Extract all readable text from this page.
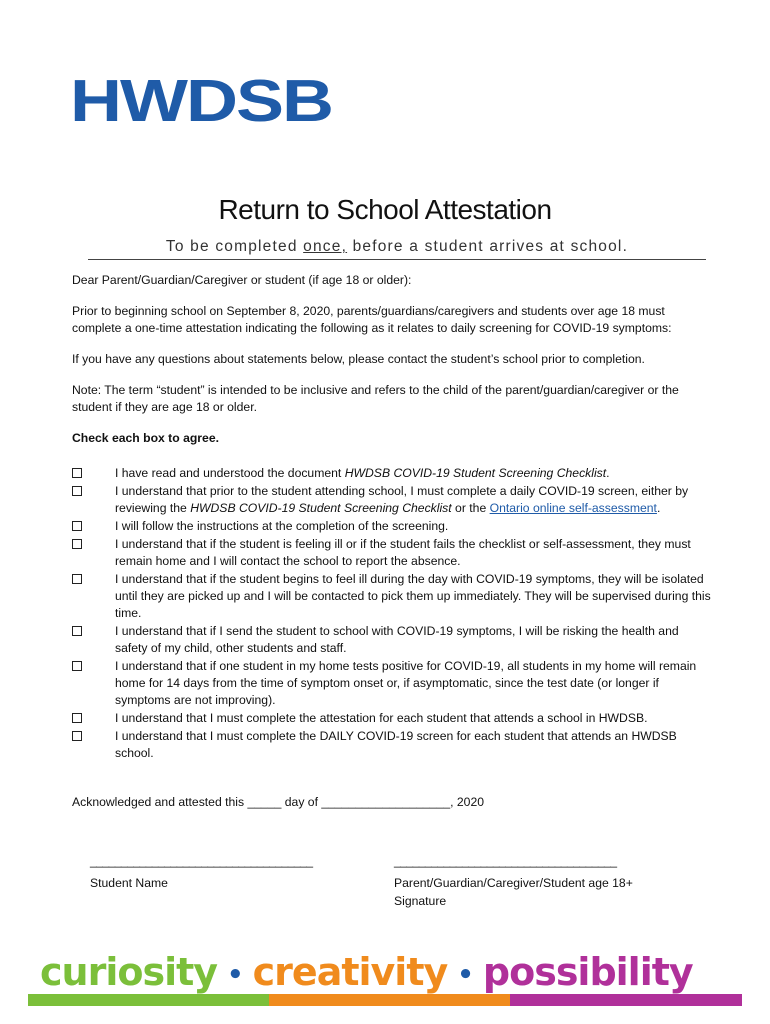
HWDSB
Return to School Attestation
To be completed once, before a student arrives at school.

Dear Parent/Guardian/Caregiver or student (if age 18 or older):

Prior to beginning school on September 8, 2020, parents/guardians/caregivers and students over age 18 must complete a one-time attestation indicating the following as it relates to daily screening for COVID-19 symptoms:

If you have any questions about statements below, please contact the student’s school prior to completion.

Note: The term “student” is intended to be inclusive and refers to the child of the parent/guardian/caregiver or the student if they are age 18 or older.

Check each box to agree.

I have read and understood the document HWDSB COVID-19 Student Screening Checklist.
I understand that prior to the student attending school, I must complete a daily COVID-19 screen, either by reviewing the HWDSB COVID-19 Student Screening Checklist or the Ontario online self-assessment.
I will follow the instructions at the completion of the screening.
I understand that if the student is feeling ill or if the student fails the checklist or self-assessment, they must remain home and I will contact the school to report the absence.
I understand that if the student begins to feel ill during the day with COVID-19 symptoms, they will be isolated until they are picked up and I will be contacted to pick them up immediately. They will be supervised during this time.
I understand that if I send the student to school with COVID-19 symptoms, I will be risking the health and safety of my child, other students and staff.
I understand that if one student in my home tests positive for COVID-19, all students in my home will remain home for 14 days from the time of symptom onset or, if asymptomatic, since the test date (or longer if symptoms are not improving).
I understand that I must complete the attestation for each student that attends a school in HWDSB.
I understand that I must complete the DAILY COVID-19 screen for each student that attends an HWDSB school.
Acknowledged and attested this _____ day of ___________________, 2020
____________________________________
Student Name
____________________________________
Parent/Guardian/Caregiver/Student age 18+
Signature
curiosity • creativity • possibility
